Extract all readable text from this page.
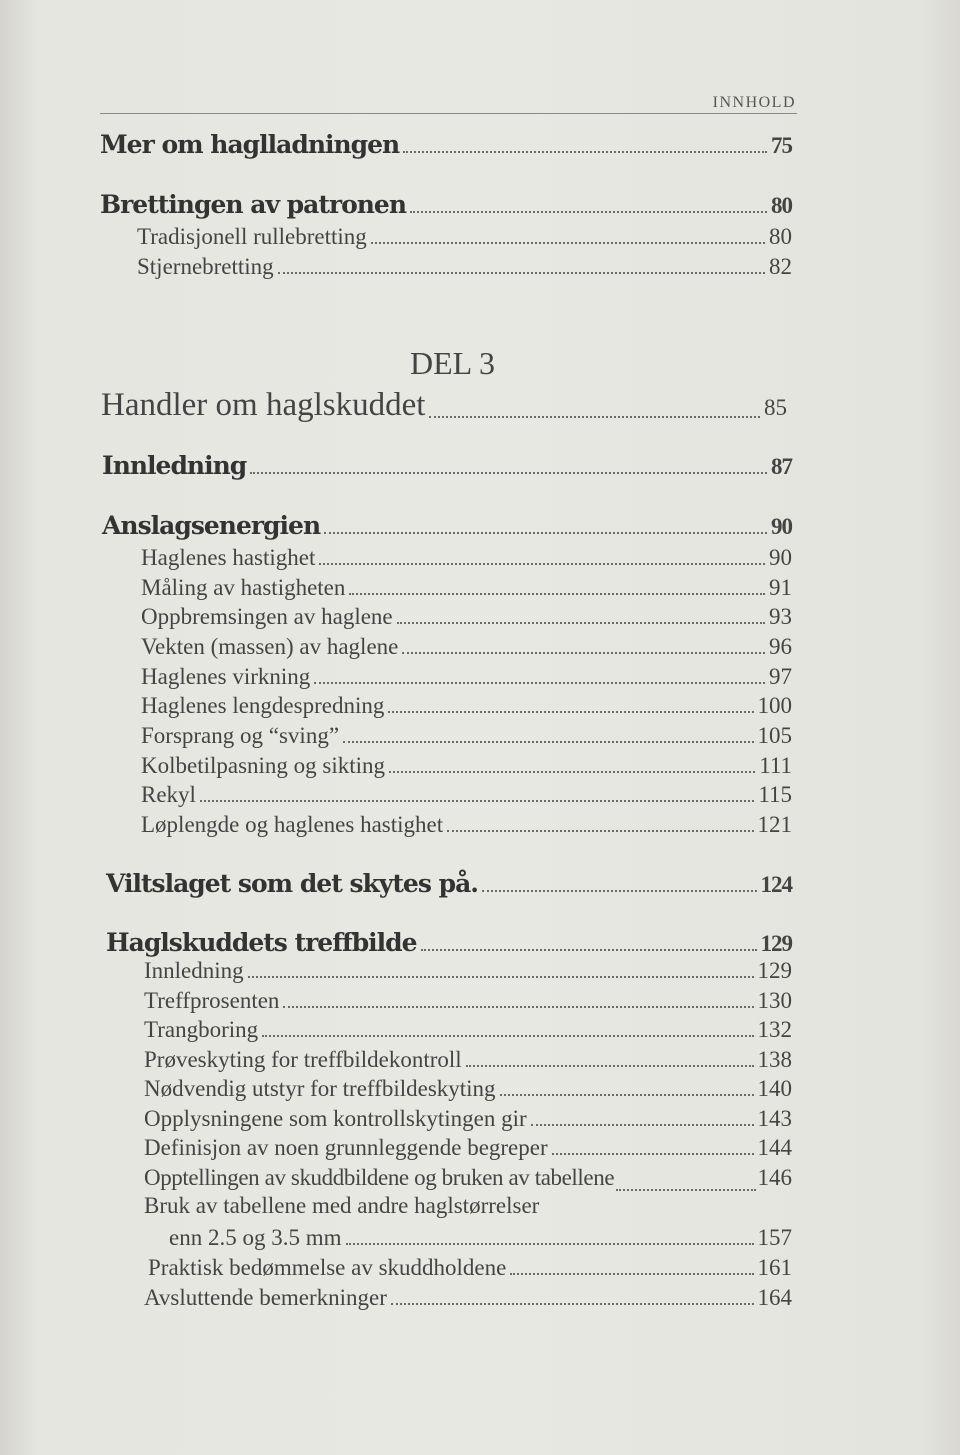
INNHOLD
Mer om haglladningen	75
Brettingen av patronen	80
Tradisjonell rullebretting	80
Stjernebretting	82
DEL 3
Handler om haglskuddet	85
Innledning	87
Anslagsenergien	90
Haglenes hastighet	90
Måling av hastigheten	91
Oppbremsingen av haglene	93
Vekten (massen) av haglene	96
Haglenes virkning	97
Haglenes lengdespredning	100
Forsprang og “sving”	105
Kolbetilpasning og sikting	111
Rekyl	115
Løplengde og haglenes hastighet	121
Viltslaget som det skytes på.	124
Haglskuddets treffbilde	129
Innledning	129
Treffprosenten	130
Trangboring	132
Prøveskyting for treffbildekontroll	138
Nødvendig utstyr for treffbildeskyting	140
Opplysningene som kontrollskytingen gir	143
Definisjon av noen grunnleggende begreper	144
Opptellingen av skuddbildene og bruken av tabellene	146
Bruk av tabellene med andre haglstørrelser
enn 2.5 og 3.5 mm	157
Praktisk bedømmelse av skuddholdene	161
Avsluttende bemerkninger	164
